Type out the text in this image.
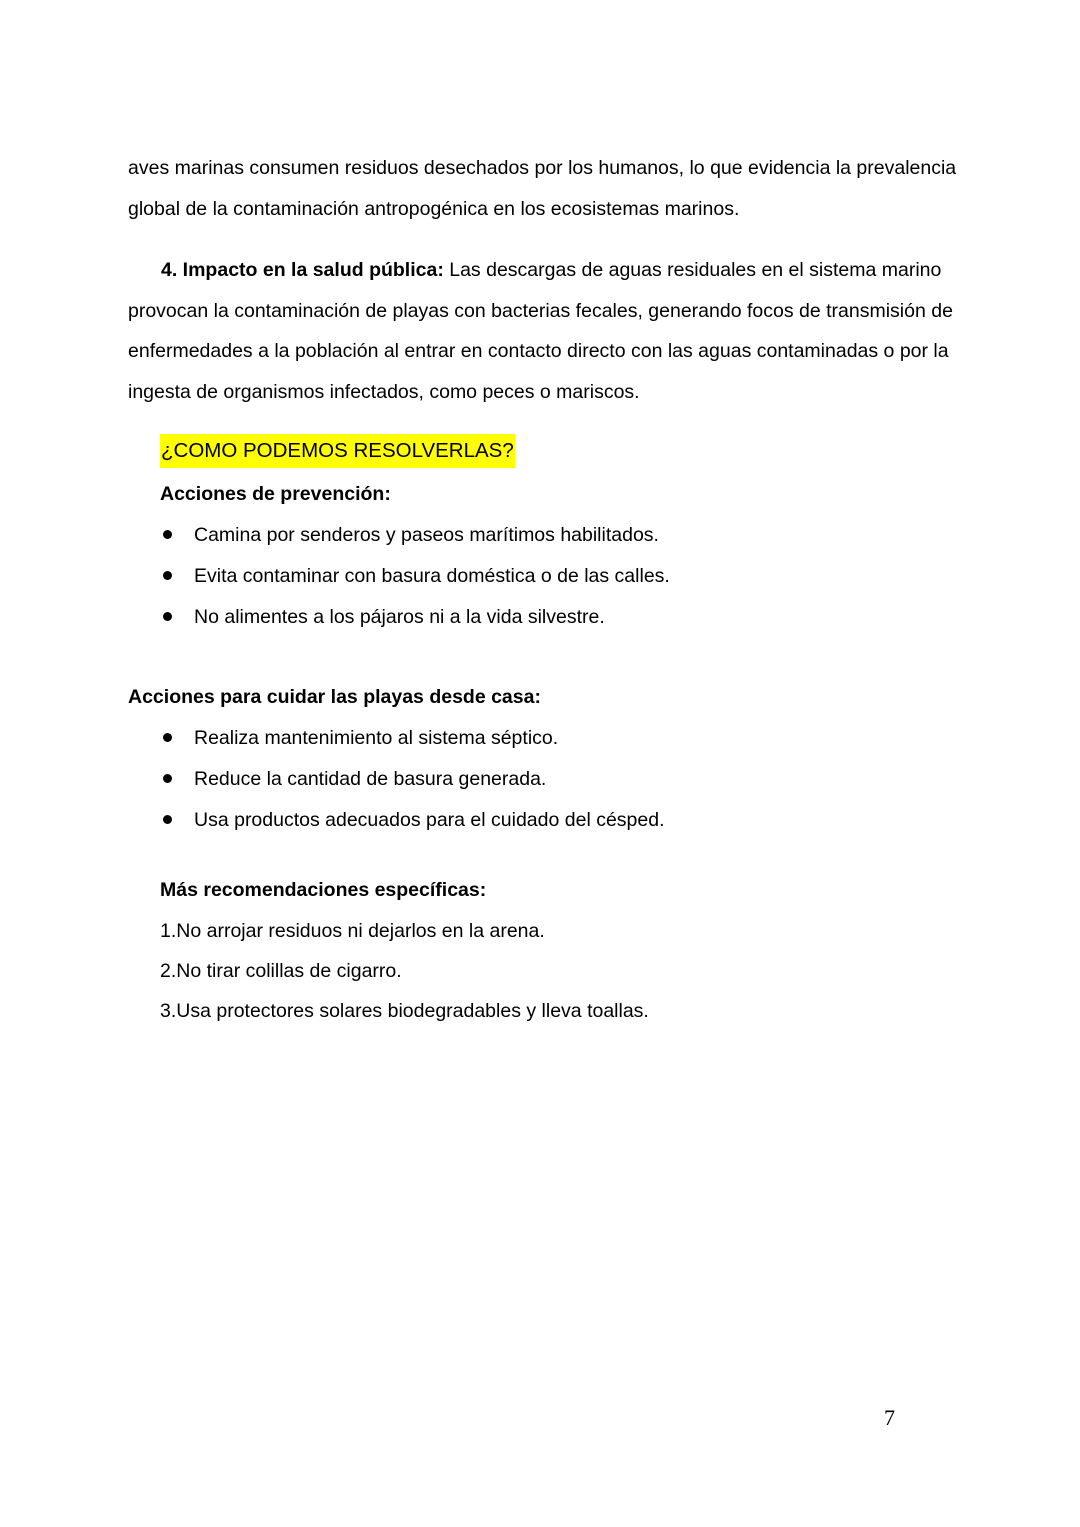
aves marinas consumen residuos desechados por los humanos, lo que evidencia la prevalencia global de la contaminación antropogénica en los ecosistemas marinos.

4. Impacto en la salud pública: Las descargas de aguas residuales en el sistema marino provocan la contaminación de playas con bacterias fecales, generando focos de transmisión de enfermedades a la población al entrar en contacto directo con las aguas contaminadas o por la ingesta de organismos infectados, como peces o mariscos.

¿COMO PODEMOS RESOLVERLAS?

Acciones de prevención:

Camina por senderos y paseos marítimos habilitados.
Evita contaminar con basura doméstica o de las calles.
No alimentes a los pájaros ni a la vida silvestre.

Acciones para cuidar las playas desde casa:

Realiza mantenimiento al sistema séptico.
Reduce la cantidad de basura generada.
Usa productos adecuados para el cuidado del césped.

Más recomendaciones específicas:

1.No arrojar residuos ni dejarlos en la arena.
2.No tirar colillas de cigarro.
3.Usa protectores solares biodegradables y lleva toallas.
7
